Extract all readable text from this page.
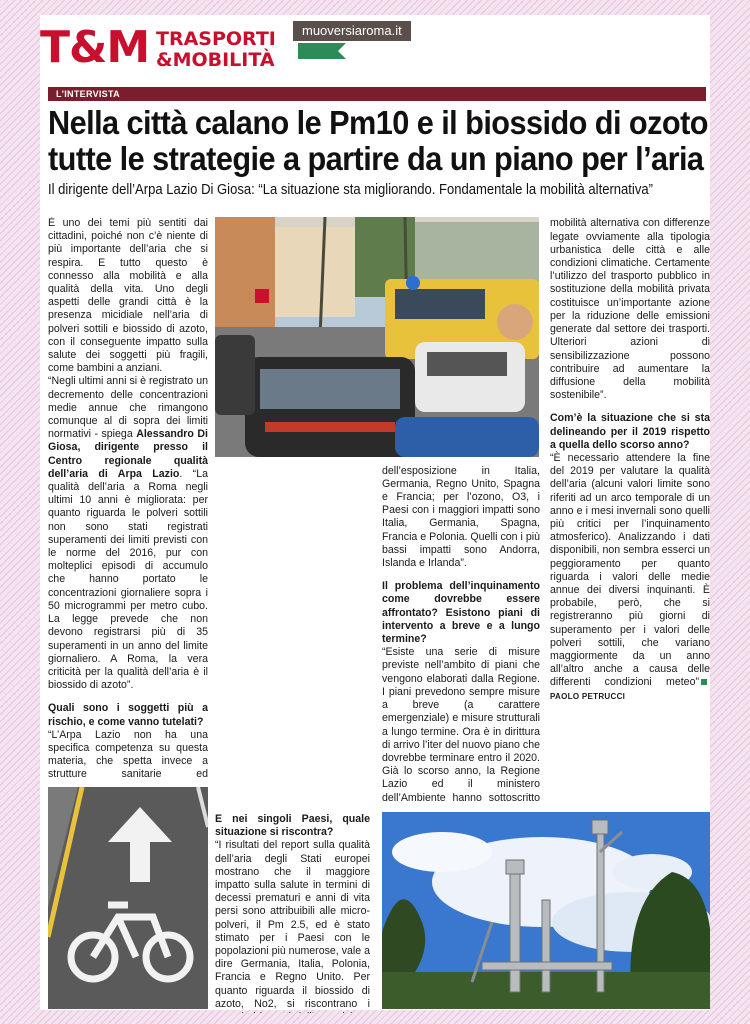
T&M TRASPORTI
&MOBILITÀ
muoversiaroma.it
L'INTERVISTA
Nella città calano le Pm10 e il biossido di ozoto
tutte le strategie a partire da un piano per l’aria

Il dirigente dell’Arpa Lazio Di Giosa: “La situazione sta migliorando. Fondamentale la mobilità alternativa”

È uno dei temi più sentiti dai cittadini, poiché non c’è niente di più importante dell’aria che si respira. E tutto questo è connesso alla mobilità e alla qualità della vita. Uno degli aspetti delle grandi città è la presenza micidiale nell’aria di polveri sottili e biossido di azoto, con il conseguente impatto sulla salute dei soggetti più fragili, come bambini a anziani.

“Negli ultimi anni si è registrato un decremento delle concentrazioni medie annue che rimangono comunque al di sopra dei limiti normativi - spiega Alessandro Di Giosa, dirigente presso il Centro regionale qualità dell’aria di Arpa Lazio. “La qualità dell’aria a Roma negli ultimi 10 anni è migliorata: per quanto riguarda le polveri sottili non sono stati registrati superamenti dei limiti previsti con le norme del 2016, pur con molteplici episodi di accumulo che hanno portato le concentrazioni giornaliere sopra i 50 microgrammi per metro cubo. La legge prevede che non devono registrarsi più di 35 superamenti in un anno del limite giornaliero. A Roma, la vera criticità per la qualità dell’aria è il biossido di azoto”.

Quali sono i soggetti più a rischio, e come vanno tutelati?

“L’Arpa Lazio non ha una specifica competenza su questa materia, che spetta invece a strutture sanitarie ed

E nei singoli Paesi, quale situazione si riscontra?

“I risultati del report sulla qualità dell’aria degli Stati europei mostrano che il maggiore impatto sulla salute in termini di decessi prematuri e anni di vita persi sono attribuibili alle micro-polveri, il Pm 2.5, ed è stato stimato per i Paesi con le popolazioni più numerose, vale a dire Germania, Italia, Polonia, Francia e Regno Unito. Per quanto riguarda il biossido di azoto, No2, si riscontrano i

dell’esposizione in Italia, Germania, Regno Unito, Spagna e Francia; per l’ozono, O3, i Paesi con i maggiori impatti sono Italia, Germania, Spagna, Francia e Polonia. Quelli con i più bassi impatti sono Andorra, Islanda e Irlanda”.

Il problema dell’inquinamento come dovrebbe essere affrontato? Esistono piani di intervento a breve e a lungo termine?

“Esiste una serie di misure previste nell’ambito di piani che vengono elaborati dalla Regione. I piani prevedono sempre misure a breve (a carattere emergenziale) e misure strutturali a lungo termine. Ora è in dirittura di arrivo l’iter del nuovo piano che dovrebbe terminare entro il 2020. Già lo scorso anno, la Regione Lazio ed il ministero dell’Ambiente hanno sottoscritto

mobilità alternativa con differenze legate ovviamente alla tipologia urbanistica delle città e alle condizioni climatiche. Certamente l’utilizzo del trasporto pubblico in sostituzione della mobilità privata costituisce un’importante azione per la riduzione delle emissioni generate dal settore dei trasporti. Ulteriori azioni di sensibilizzazione possono contribuire ad aumentare la diffusione della mobilità sostenibile”.

Com’è la situazione che si sta delineando per il 2019 rispetto a quella dello scorso anno?

“È necessario attendere la fine del 2019 per valutare la qualità dell’aria (alcuni valori limite sono riferiti ad un arco temporale di un anno e i mesi invernali sono quelli più critici per l’inquinamento atmosferico). Analizzando i dati disponibili, non sembra esserci un peggioramento per quanto riguarda i valori delle medie annue dei diversi inquinanti. È probabile, però, che si registreranno più giorni di superamento per i valori delle polveri sottili, che variano maggiormente da un anno all’altro anche a causa delle differenti condizioni meteo”PAOLO PETRUCCI
